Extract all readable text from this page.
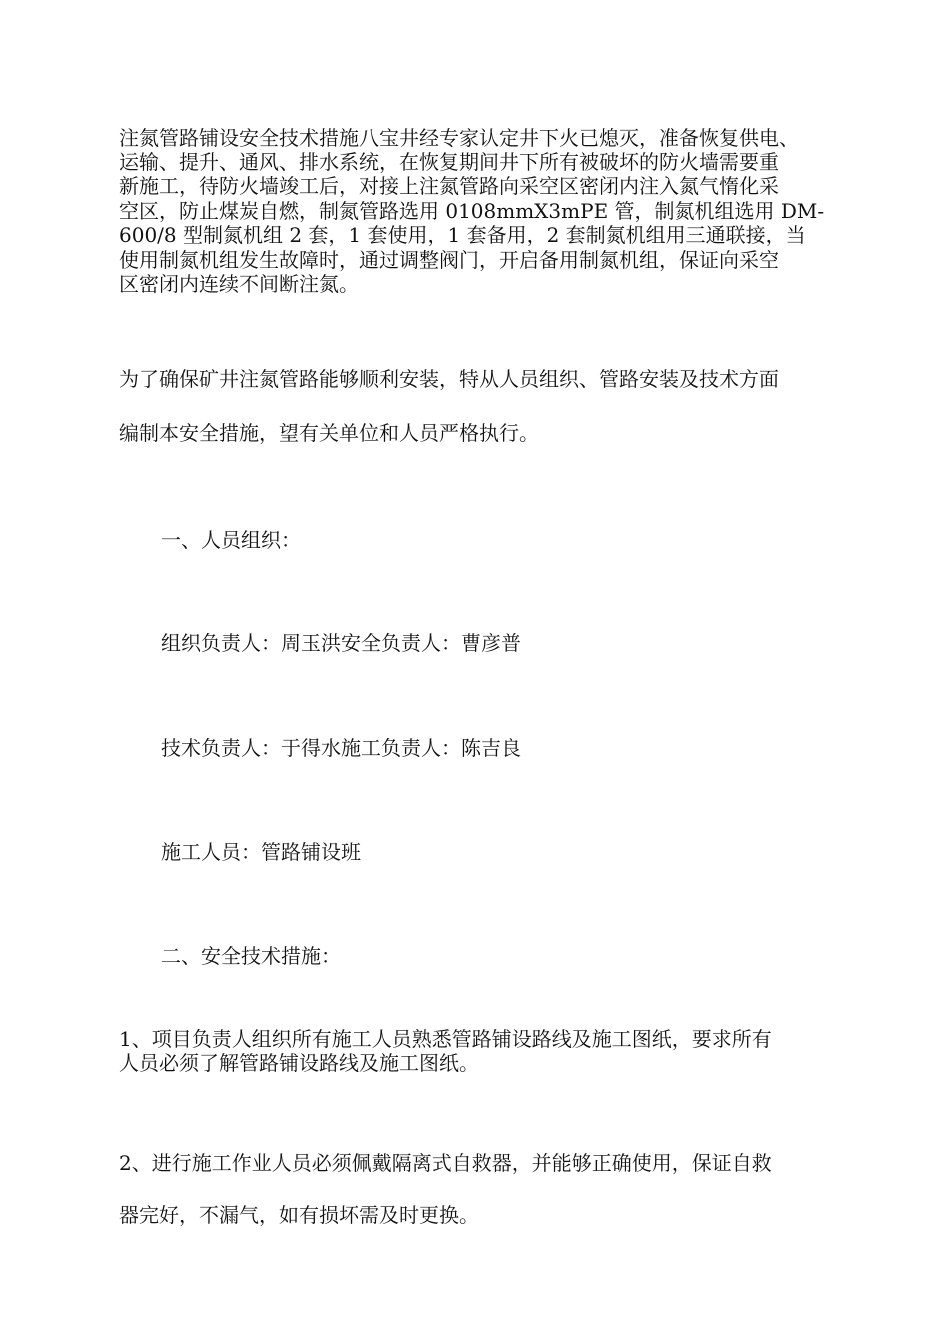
注氮管路铺设安全技术措施八宝井经专家认定井下火已熄灭，准备恢复供电、
运输、提升、通风、排水系统，在恢复期间井下所有被破坏的防火墙需要重
新施工，待防火墙竣工后，对接上注氮管路向采空区密闭内注入氮气惰化采
空区，防止煤炭自燃，制氮管路选用 0108mmX3mPE 管，制氮机组选用 DM-
600/8 型制氮机组 2 套，1 套使用，1 套备用，2 套制氮机组用三通联接，当
使用制氮机组发生故障时，通过调整阀门，开启备用制氮机组，保证向采空
区密闭内连续不间断注氮。
为了确保矿井注氮管路能够顺利安装，特从人员组织、管路安装及技术方面
编制本安全措施，望有关单位和人员严格执行。
一、人员组织：
组织负责人：周玉洪安全负责人：曹彦普
技术负责人：于得水施工负责人：陈吉良
施工人员：管路铺设班
二、安全技术措施：
1、项目负责人组织所有施工人员熟悉管路铺设路线及施工图纸，要求所有
人员必须了解管路铺设路线及施工图纸。
2、进行施工作业人员必须佩戴隔离式自救器，并能够正确使用，保证自救
器完好，不漏气，如有损坏需及时更换。
